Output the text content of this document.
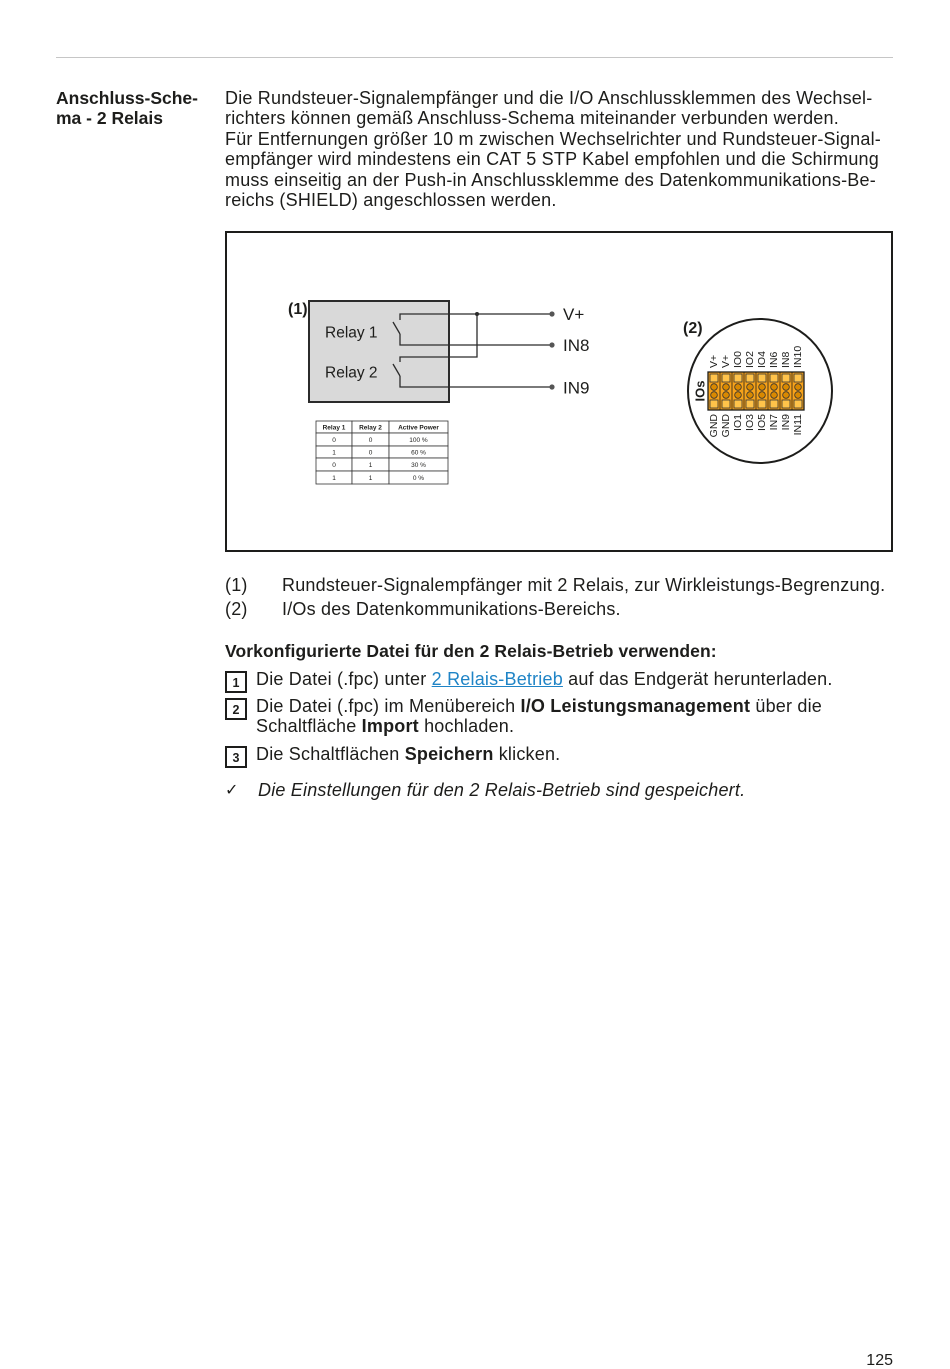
Anschluss-Sche-
ma - 2 Relais
Die Rundsteuer-Signalempfänger und die I/O Anschlussklemmen des Wechsel-
richters können gemäß Anschluss-Schema miteinander verbunden werden.
Für Entfernungen größer 10 m zwischen Wechselrichter und Rundsteuer-Signal-
empfänger wird mindestens ein CAT 5 STP Kabel empfohlen und die Schirmung
muss einseitig an der Push-in Anschlussklemme des Datenkommunikations-Be-
reichs (SHIELD) angeschlossen werden.
(1)
Relay 1
Relay 2
V+
IN8
IN9
Relay 1 Relay 2 Active Power
0	0	100 %
1	0	60 %
0	1	30 %
1	1	0 %
(2)
IOs
V+ V+ IO0 IO2 IO4 IN6 IN8 IN10
GND GND IO1 IO3 IO5 IN7 IN9 IN11
(1) Rundsteuer-Signalempfänger mit 2 Relais, zur Wirkleistungs-Begrenzung.
(2) I/Os des Datenkommunikations-Bereichs.
Vorkonfigurierte Datei für den 2 Relais-Betrieb verwenden:
1 Die Datei (.fpc) unter 2 Relais-Betrieb auf das Endgerät herunterladen.
2 Die Datei (.fpc) im Menübereich I/O Leistungsmanagement über die
Schaltfläche Import hochladen.
3 Die Schaltflächen Speichern klicken.
✓ Die Einstellungen für den 2 Relais-Betrieb sind gespeichert.
125
